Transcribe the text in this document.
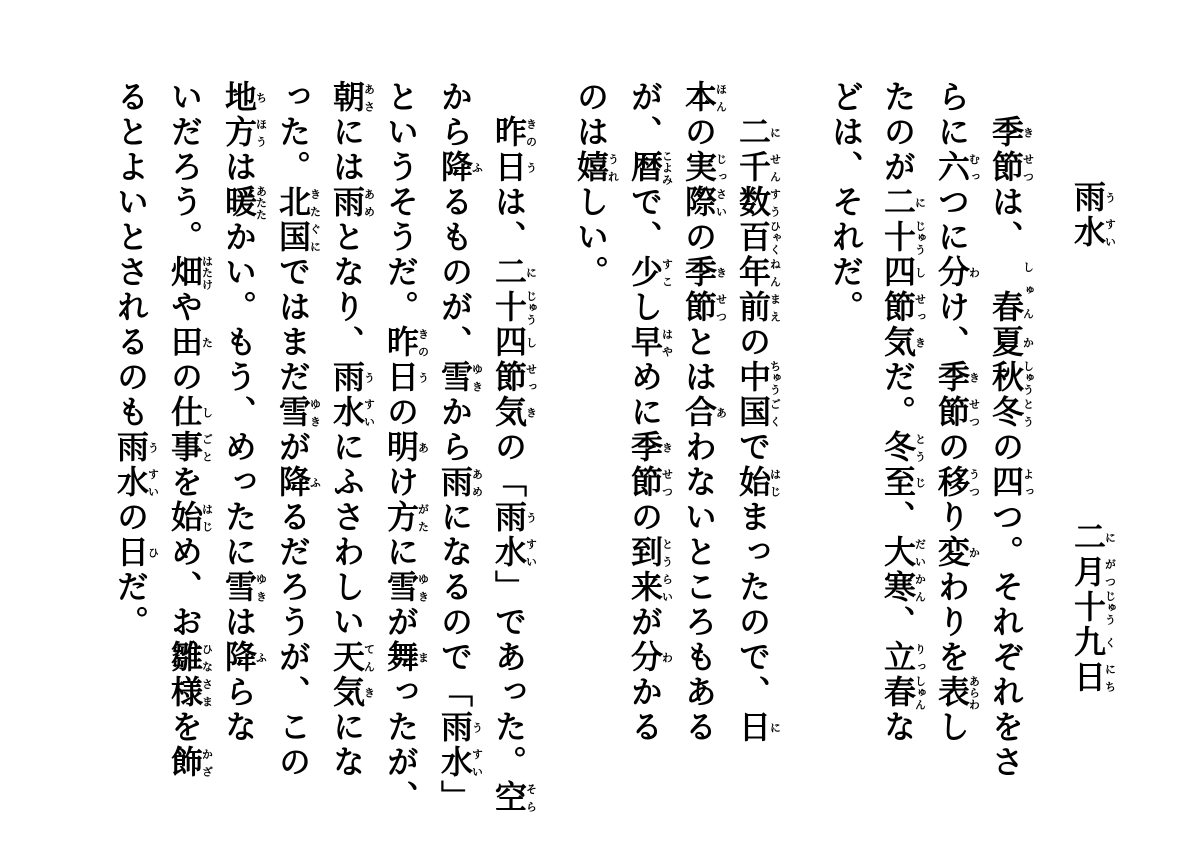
雨う水すい
二に月がつ十じゅう九く日にち
　季き節せつは、　春しゅん夏か秋しゅう冬とうの四よっつ。それぞれをさ
らに六むっつに分わけ、季き節せつの移うつり変かわりを表あらわし
たのが二に十じゅう四し節せっ気きだ。冬とう至じ、大だい寒かん、立りっ春しゅんな
どは、それだ。
　二に千せん数すう百ひゃく年ねん前まえの中ちゅう国ごくで始はじまったので、日に
本ほんの実じっ際さいの季き節せつとは合あわないところもある
が、暦こよみで、少すこし早はやめに季き節せつの到とう来らいが分わかる
のは嬉うれしい。
　昨きの日うは、二に十じゅう四し節せっ気きの「雨う水すい」であった。空そら
から降ふるものが、雪ゆきから雨あめになるので「雨う水すい」
というそうだ。昨きの日うの明あけ方がたに雪ゆきが舞まったが、
朝あさには雨あめとなり、雨う水すいにふさわしい天てん気きにな
った。北きた国ぐにではまだ雪ゆきが降ふるだろうが、この
地ち方ほうは暖あたたかい。もう、めったに雪ゆきは降ふらな
いだろう。畑はたけや田たの仕し事ごとを始はじめ、お雛ひな様さまを飾かざ
るとよいとされるのも雨う水すいの日ひだ。
